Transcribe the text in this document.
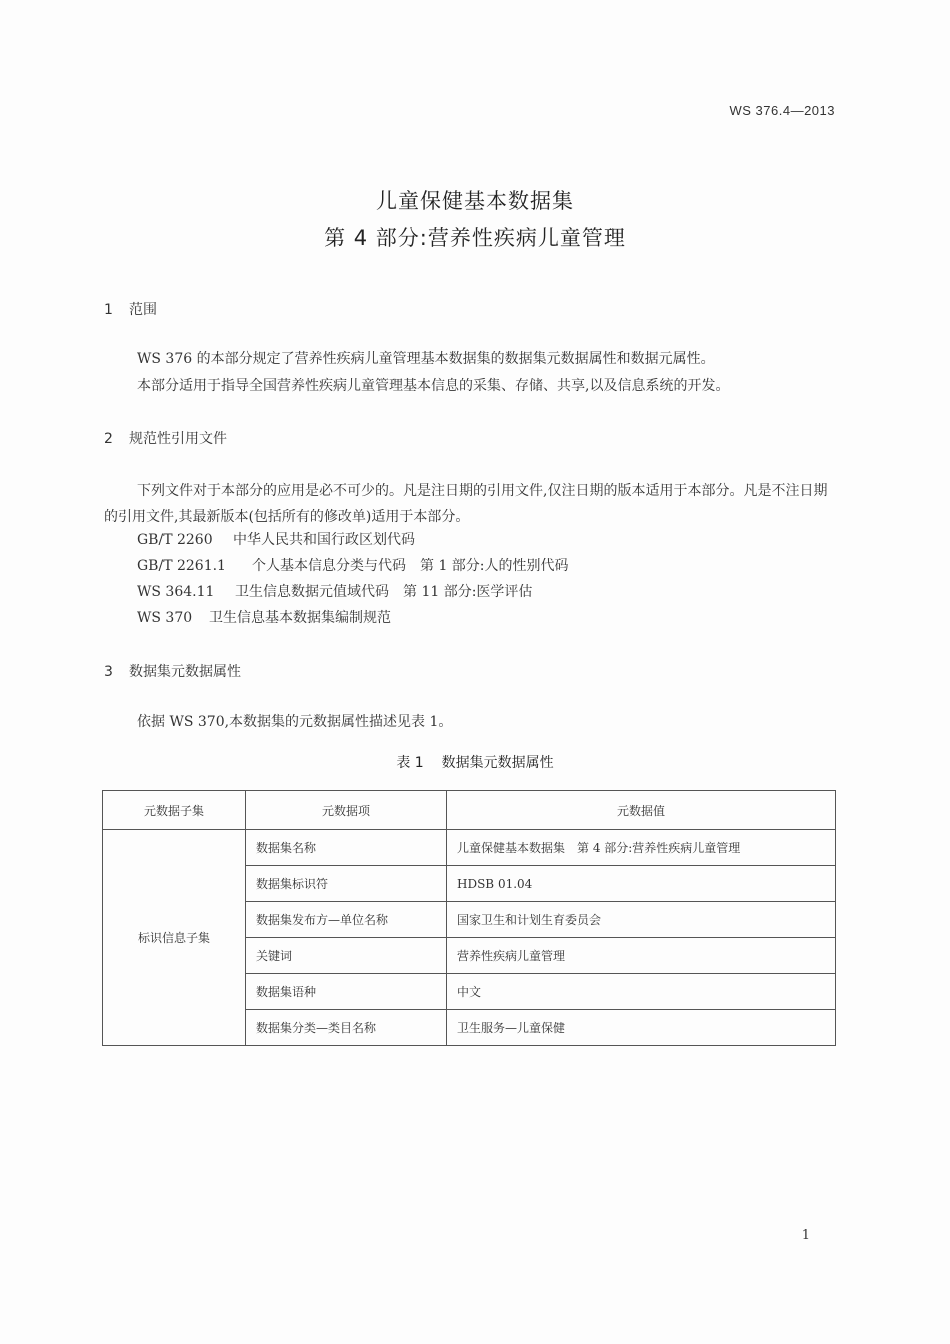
WS 376.4—2013
儿童保健基本数据集
第 4 部分:营养性疾病儿童管理
1 范围
WS 376 的本部分规定了营养性疾病儿童管理基本数据集的数据集元数据属性和数据元属性。
本部分适用于指导全国营养性疾病儿童管理基本信息的采集、存储、共享,以及信息系统的开发。
2 规范性引用文件
下列文件对于本部分的应用是必不可少的。凡是注日期的引用文件,仅注日期的版本适用于本部分。凡是不注日期的引用文件,其最新版本(包括所有的修改单)适用于本部分。
GB/T 2260 中华人民共和国行政区划代码
GB/T 2261.1 个人基本信息分类与代码　第 1 部分:人的性别代码
WS 364.11 卫生信息数据元值域代码　第 11 部分:医学评估
WS 370 卫生信息基本数据集编制规范
3 数据集元数据属性
依据 WS 370,本数据集的元数据属性描述见表 1。
表 1 数据集元数据属性
元数据子集	元数据项	元数据值
标识信息子集	数据集名称	儿童保健基本数据集　第 4 部分:营养性疾病儿童管理
	数据集标识符	HDSB 01.04
	数据集发布方—单位名称	国家卫生和计划生育委员会
	关键词	营养性疾病儿童管理
	数据集语种	中文
	数据集分类—类目名称	卫生服务—儿童保健
1
